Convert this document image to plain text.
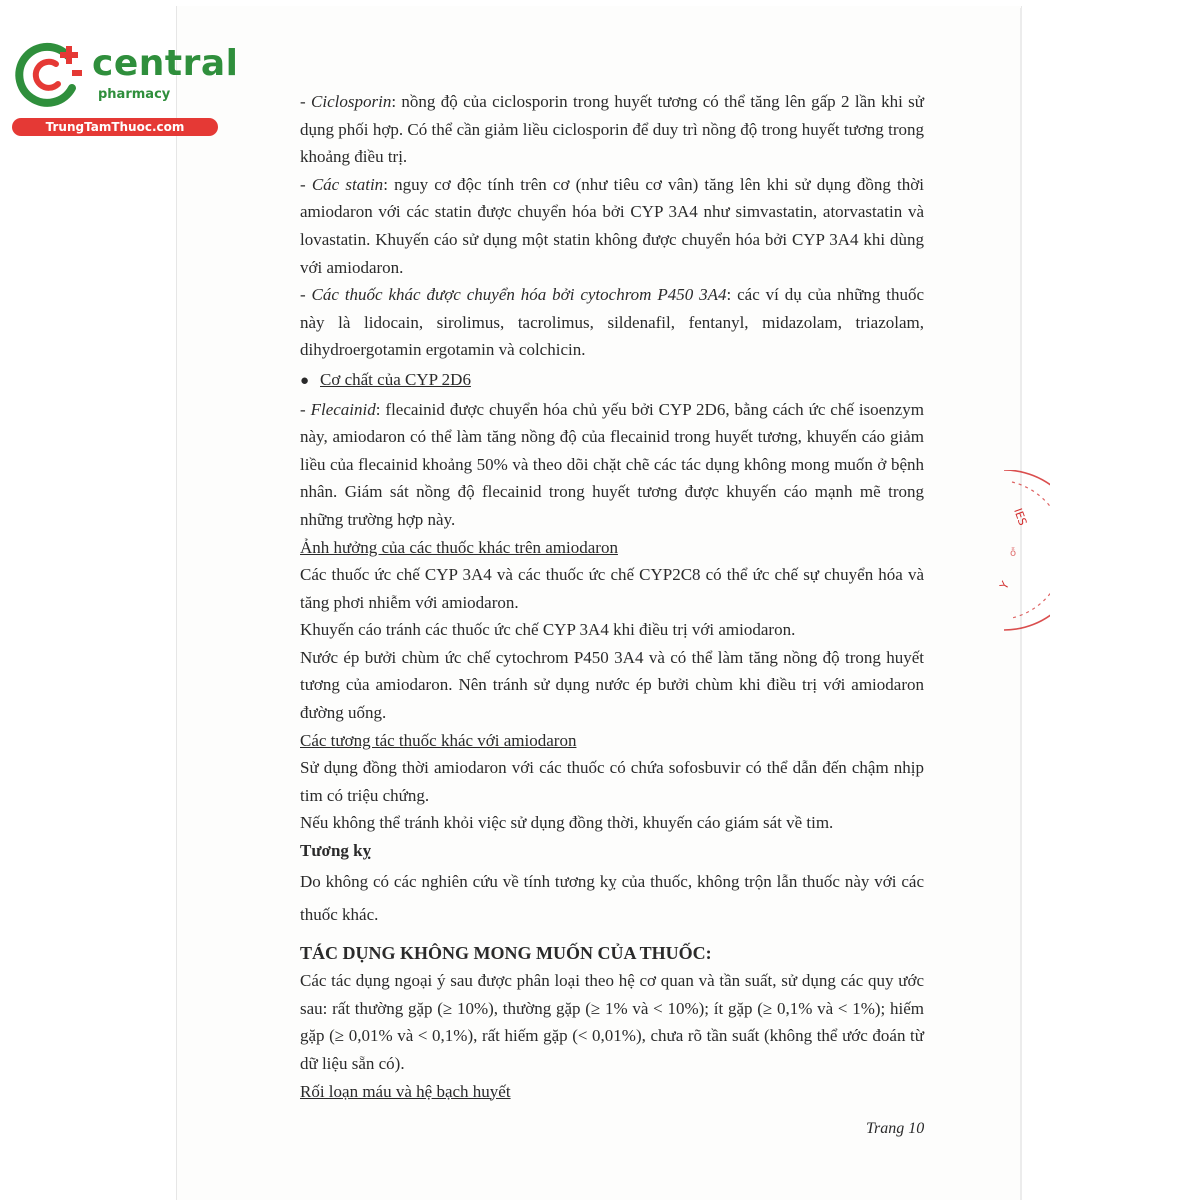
central
pharmacy
TrungTamThuoc.com
IES
ỗ
Y

- Ciclosporin: nồng độ của ciclosporin trong huyết tương có thể tăng lên gấp 2 lần khi sử dụng phối hợp. Có thể cần giảm liều ciclosporin để duy trì nồng độ trong huyết tương trong khoảng điều trị.

- Các statin: nguy cơ độc tính trên cơ (như tiêu cơ vân) tăng lên khi sử dụng đồng thời amiodaron với các statin được chuyển hóa bởi CYP 3A4 như simvastatin, atorvastatin và lovastatin. Khuyến cáo sử dụng một statin không được chuyển hóa bởi CYP 3A4 khi dùng với amiodaron.

- Các thuốc khác được chuyển hóa bởi cytochrom P450 3A4: các ví dụ của những thuốc này là lidocain, sirolimus, tacrolimus, sildenafil, fentanyl, midazolam, triazolam, dihydroergotamin ergotamin và colchicin.

● Cơ chất của CYP 2D6

- Flecainid: flecainid được chuyển hóa chủ yếu bởi CYP 2D6, bằng cách ức chế isoenzym này, amiodaron có thể làm tăng nồng độ của flecainid trong huyết tương, khuyến cáo giảm liều của flecainid khoảng 50% và theo dõi chặt chẽ các tác dụng không mong muốn ở bệnh nhân. Giám sát nồng độ flecainid trong huyết tương được khuyến cáo mạnh mẽ trong những trường hợp này.

Ảnh hưởng của các thuốc khác trên amiodaron

Các thuốc ức chế CYP 3A4 và các thuốc ức chế CYP2C8 có thể ức chế sự chuyển hóa và tăng phơi nhiễm với amiodaron.

Khuyến cáo tránh các thuốc ức chế CYP 3A4 khi điều trị với amiodaron.

Nước ép bưởi chùm ức chế cytochrom P450 3A4 và có thể làm tăng nồng độ trong huyết tương của amiodaron. Nên tránh sử dụng nước ép bưởi chùm khi điều trị với amiodaron đường uống.

Các tương tác thuốc khác với amiodaron

Sử dụng đồng thời amiodaron với các thuốc có chứa sofosbuvir có thể dẫn đến chậm nhịp tim có triệu chứng.

Nếu không thể tránh khỏi việc sử dụng đồng thời, khuyến cáo giám sát về tim.

Tương kỵ

Do không có các nghiên cứu về tính tương kỵ của thuốc, không trộn lẫn thuốc này với các thuốc khác.

TÁC DỤNG KHÔNG MONG MUỐN CỦA THUỐC:

Các tác dụng ngoại ý sau được phân loại theo hệ cơ quan và tần suất, sử dụng các quy ước sau: rất thường gặp (≥ 10%), thường gặp (≥ 1% và < 10%); ít gặp (≥ 0,1% và < 1%); hiếm gặp (≥ 0,01% và < 0,1%), rất hiếm gặp (< 0,01%), chưa rõ tần suất (không thể ước đoán từ dữ liệu sẵn có).

Rối loạn máu và hệ bạch huyết

Trang 10
